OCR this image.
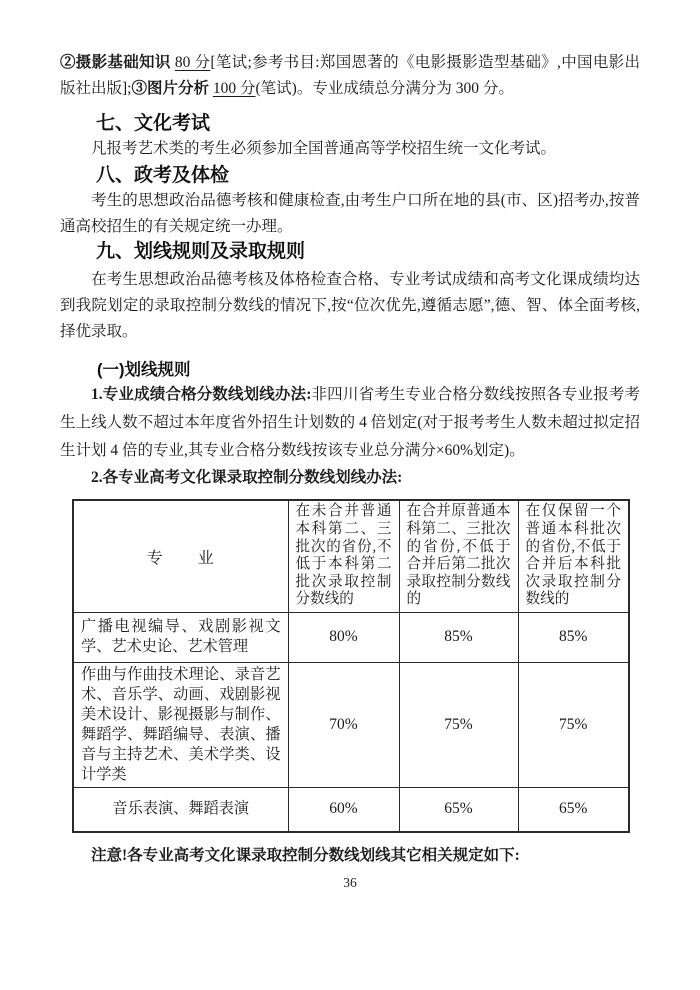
②摄影基础知识 80 分[笔试;参考书目:郑国恩著的《电影摄影造型基础》,中国电影出版社出版];③图片分析 100 分(笔试)。专业成绩总分满分为 300 分。

七、文化考试

凡报考艺术类的考生必须参加全国普通高等学校招生统一文化考试。

八、政考及体检

考生的思想政治品德考核和健康检查,由考生户口所在地的县(市、区)招考办,按普通高校招生的有关规定统一办理。

九、划线规则及录取规则

在考生思想政治品德考核及体格检查合格、专业考试成绩和高考文化课成绩均达到我院划定的录取控制分数线的情况下,按“位次优先,遵循志愿”,德、智、体全面考核,择优录取。

(一)划线规则

1.专业成绩合格分数线划线办法:非四川省考生专业合格分数线按照各专业报考考生上线人数不超过本年度省外招生计划数的 4 倍划定(对于报考考生人数未超过拟定招生计划 4 倍的专业,其专业合格分数线按该专业总分满分×60%划定)。

2.各专业高考文化课录取控制分数线划线办法:

专　　业	在未合并普通本科第二、三批次的省份,不低于本科第二批次录取控制分数线的	在合并原普通本科第二、三批次的省份,不低于合并后第二批次录取控制分数线的	在仅保留一个普通本科批次的省份,不低于合并后本科批次录取控制分数线的
广播电视编导、戏剧影视文学、艺术史论、艺术管理	80%	85%	85%
作曲与作曲技术理论、录音艺术、音乐学、动画、戏剧影视美术设计、影视摄影与制作、舞蹈学、舞蹈编导、表演、播音与主持艺术、美术学类、设计学类	70%	75%	75%
音乐表演、舞蹈表演	60%	65%	65%

注意!各专业高考文化课录取控制分数线划线其它相关规定如下:

36
